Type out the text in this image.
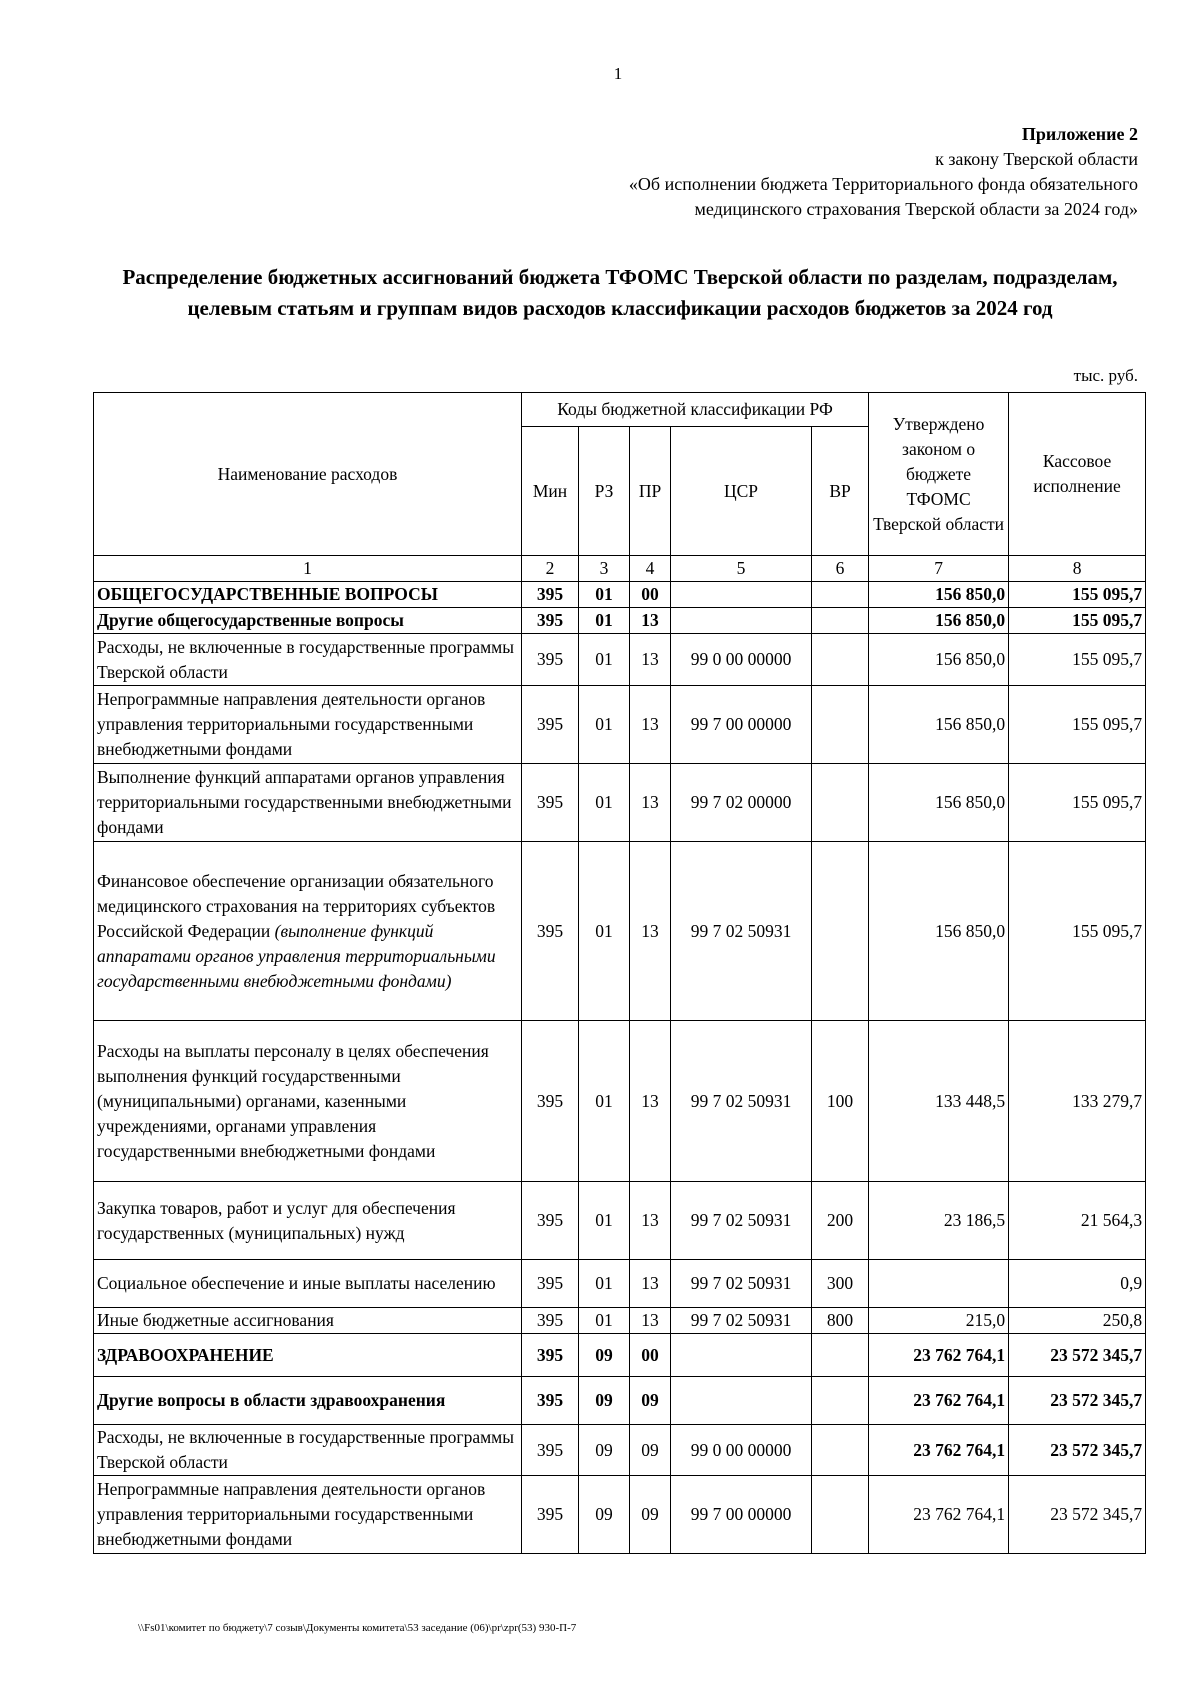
1
Приложение 2
к закону Тверской области
«Об исполнении бюджета Территориального фонда обязательного
медицинского страхования Тверской области за 2024 год»
Распределение бюджетных ассигнований бюджета ТФОМС Тверской области по разделам, подразделам, целевым статьям и группам видов расходов классификации расходов бюджетов за 2024 год
тыс. руб.
Наименование расходов	Коды бюджетной классификации РФ					Утверждено законом о бюджете ТФОМС Тверской области	Кассовое исполнение
	Мин	РЗ	ПР	ЦСР	ВР		
1	2	3	4	5	6	7	8
ОБЩЕГОСУДАРСТВЕННЫЕ ВОПРОСЫ	395	01	00			156 850,0	155 095,7
Другие общегосударственные вопросы	395	01	13			156 850,0	155 095,7
Расходы, не включенные в государственные программы Тверской области	395	01	13	99 0 00 00000		156 850,0	155 095,7
Непрограммные направления деятельности органов управления территориальными государственными внебюджетными фондами	395	01	13	99 7 00 00000		156 850,0	155 095,7
Выполнение функций аппаратами органов управления территориальными государственными внебюджетными фондами	395	01	13	99 7 02 00000		156 850,0	155 095,7
Финансовое обеспечение организации обязательного медицинского страхования на территориях субъектов Российской Федерации (выполнение функций аппаратами органов управления территориальными государственными внебюджетными фондами)	395	01	13	99 7 02 50931		156 850,0	155 095,7
Расходы на выплаты персоналу в целях обеспечения выполнения функций государственными (муниципальными) органами, казенными учреждениями, органами управления государственными внебюджетными фондами	395	01	13	99 7 02 50931	100	133 448,5	133 279,7
Закупка товаров, работ и услуг для обеспечения государственных (муниципальных) нужд	395	01	13	99 7 02 50931	200	23 186,5	21 564,3
Социальное обеспечение и иные выплаты населению	395	01	13	99 7 02 50931	300		0,9
Иные бюджетные ассигнования	395	01	13	99 7 02 50931	800	215,0	250,8
ЗДРАВООХРАНЕНИЕ	395	09	00			23 762 764,1	23 572 345,7
Другие вопросы в области здравоохранения	395	09	09			23 762 764,1	23 572 345,7
Расходы, не включенные в государственные программы Тверской области	395	09	09	99 0 00 00000		23 762 764,1	23 572 345,7
Непрограммные направления деятельности органов управления территориальными государственными внебюджетными фондами	395	09	09	99 7 00 00000		23 762 764,1	23 572 345,7
\\Fs01\комитет по бюджету\7 созыв\Документы комитета\53 заседание (06)\pr\zpr(53) 930-П-7
